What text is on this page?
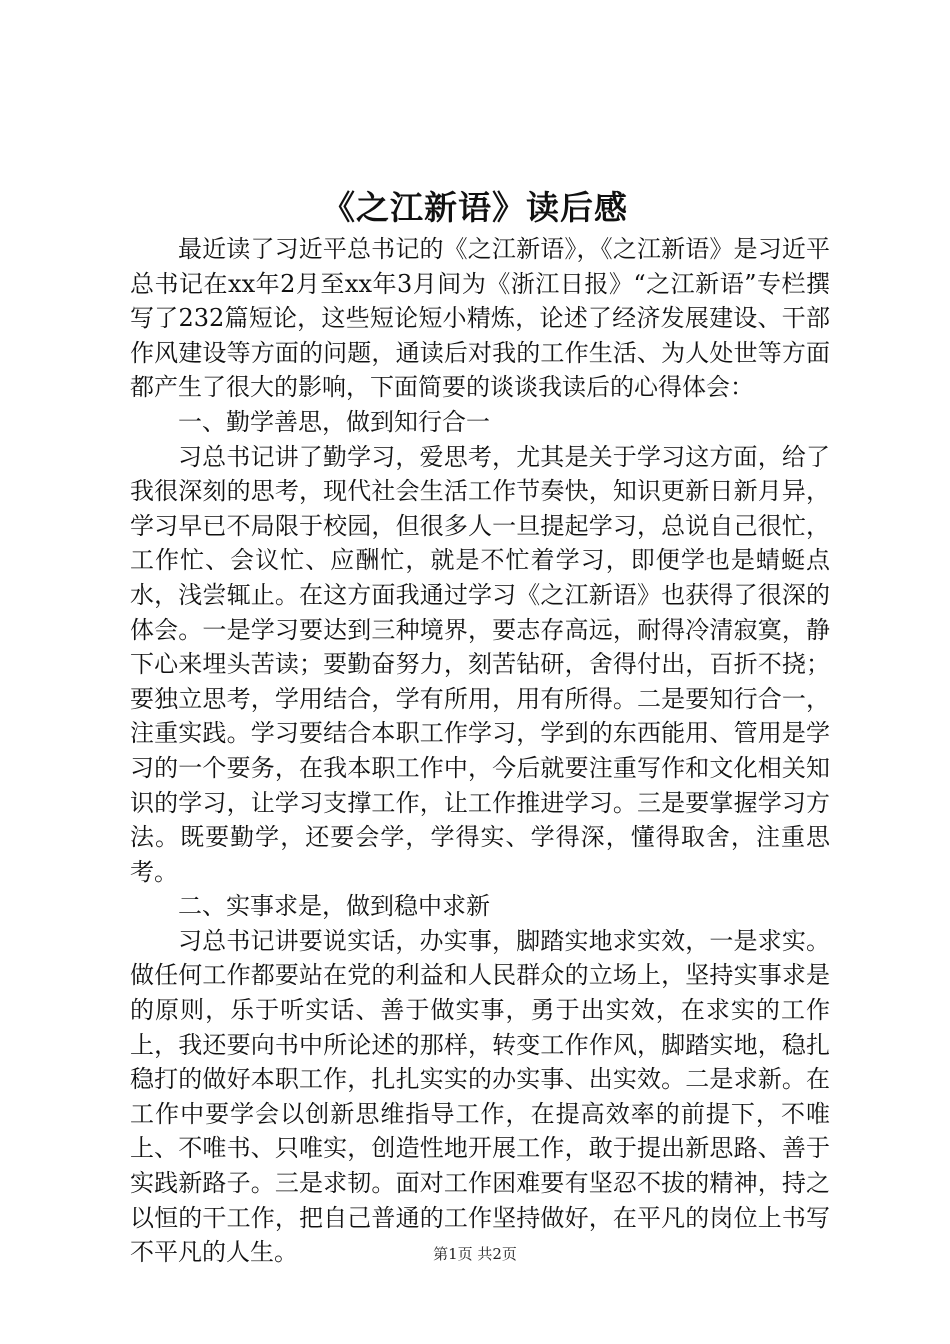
《之江新语》读后感

最近读了习近平总书记的《之江新语》，《之江新语》是习近平总书记在xx年2月至xx年3月间为《浙江日报》“之江新语”专栏撰写了232篇短论，这些短论短小精炼，论述了经济发展建设、干部作风建设等方面的问题，通读后对我的工作生活、为人处世等方面都产生了很大的影响，下面简要的谈谈我读后的心得体会：

一、勤学善思，做到知行合一

习总书记讲了勤学习，爱思考，尤其是关于学习这方面，给了我很深刻的思考，现代社会生活工作节奏快，知识更新日新月异，学习早已不局限于校园，但很多人一旦提起学习，总说自己很忙，工作忙、会议忙、应酬忙，就是不忙着学习，即便学也是蜻蜓点水，浅尝辄止。在这方面我通过学习《之江新语》也获得了很深的体会。一是学习要达到三种境界，要志存高远，耐得冷清寂寞，静下心来埋头苦读；要勤奋努力，刻苦钻研，舍得付出，百折不挠；要独立思考，学用结合，学有所用，用有所得。二是要知行合一，注重实践。学习要结合本职工作学习，学到的东西能用、管用是学习的一个要务，在我本职工作中，今后就要注重写作和文化相关知识的学习，让学习支撑工作，让工作推进学习。三是要掌握学习方法。既要勤学，还要会学，学得实、学得深，懂得取舍，注重思考。

二、实事求是，做到稳中求新

习总书记讲要说实话，办实事，脚踏实地求实效，一是求实。做任何工作都要站在党的利益和人民群众的立场上，坚持实事求是的原则，乐于听实话、善于做实事，勇于出实效，在求实的工作上，我还要向书中所论述的那样，转变工作作风，脚踏实地，稳扎稳打的做好本职工作，扎扎实实的办实事、出实效。二是求新。在工作中要学会以创新思维指导工作，在提高效率的前提下，不唯上、不唯书、只唯实，创造性地开展工作，敢于提出新思路、善于实践新路子。三是求韧。面对工作困难要有坚忍不拔的精神，持之以恒的干工作，把自己普通的工作坚持做好，在平凡的岗位上书写不平凡的人生。	第1页 共2页
